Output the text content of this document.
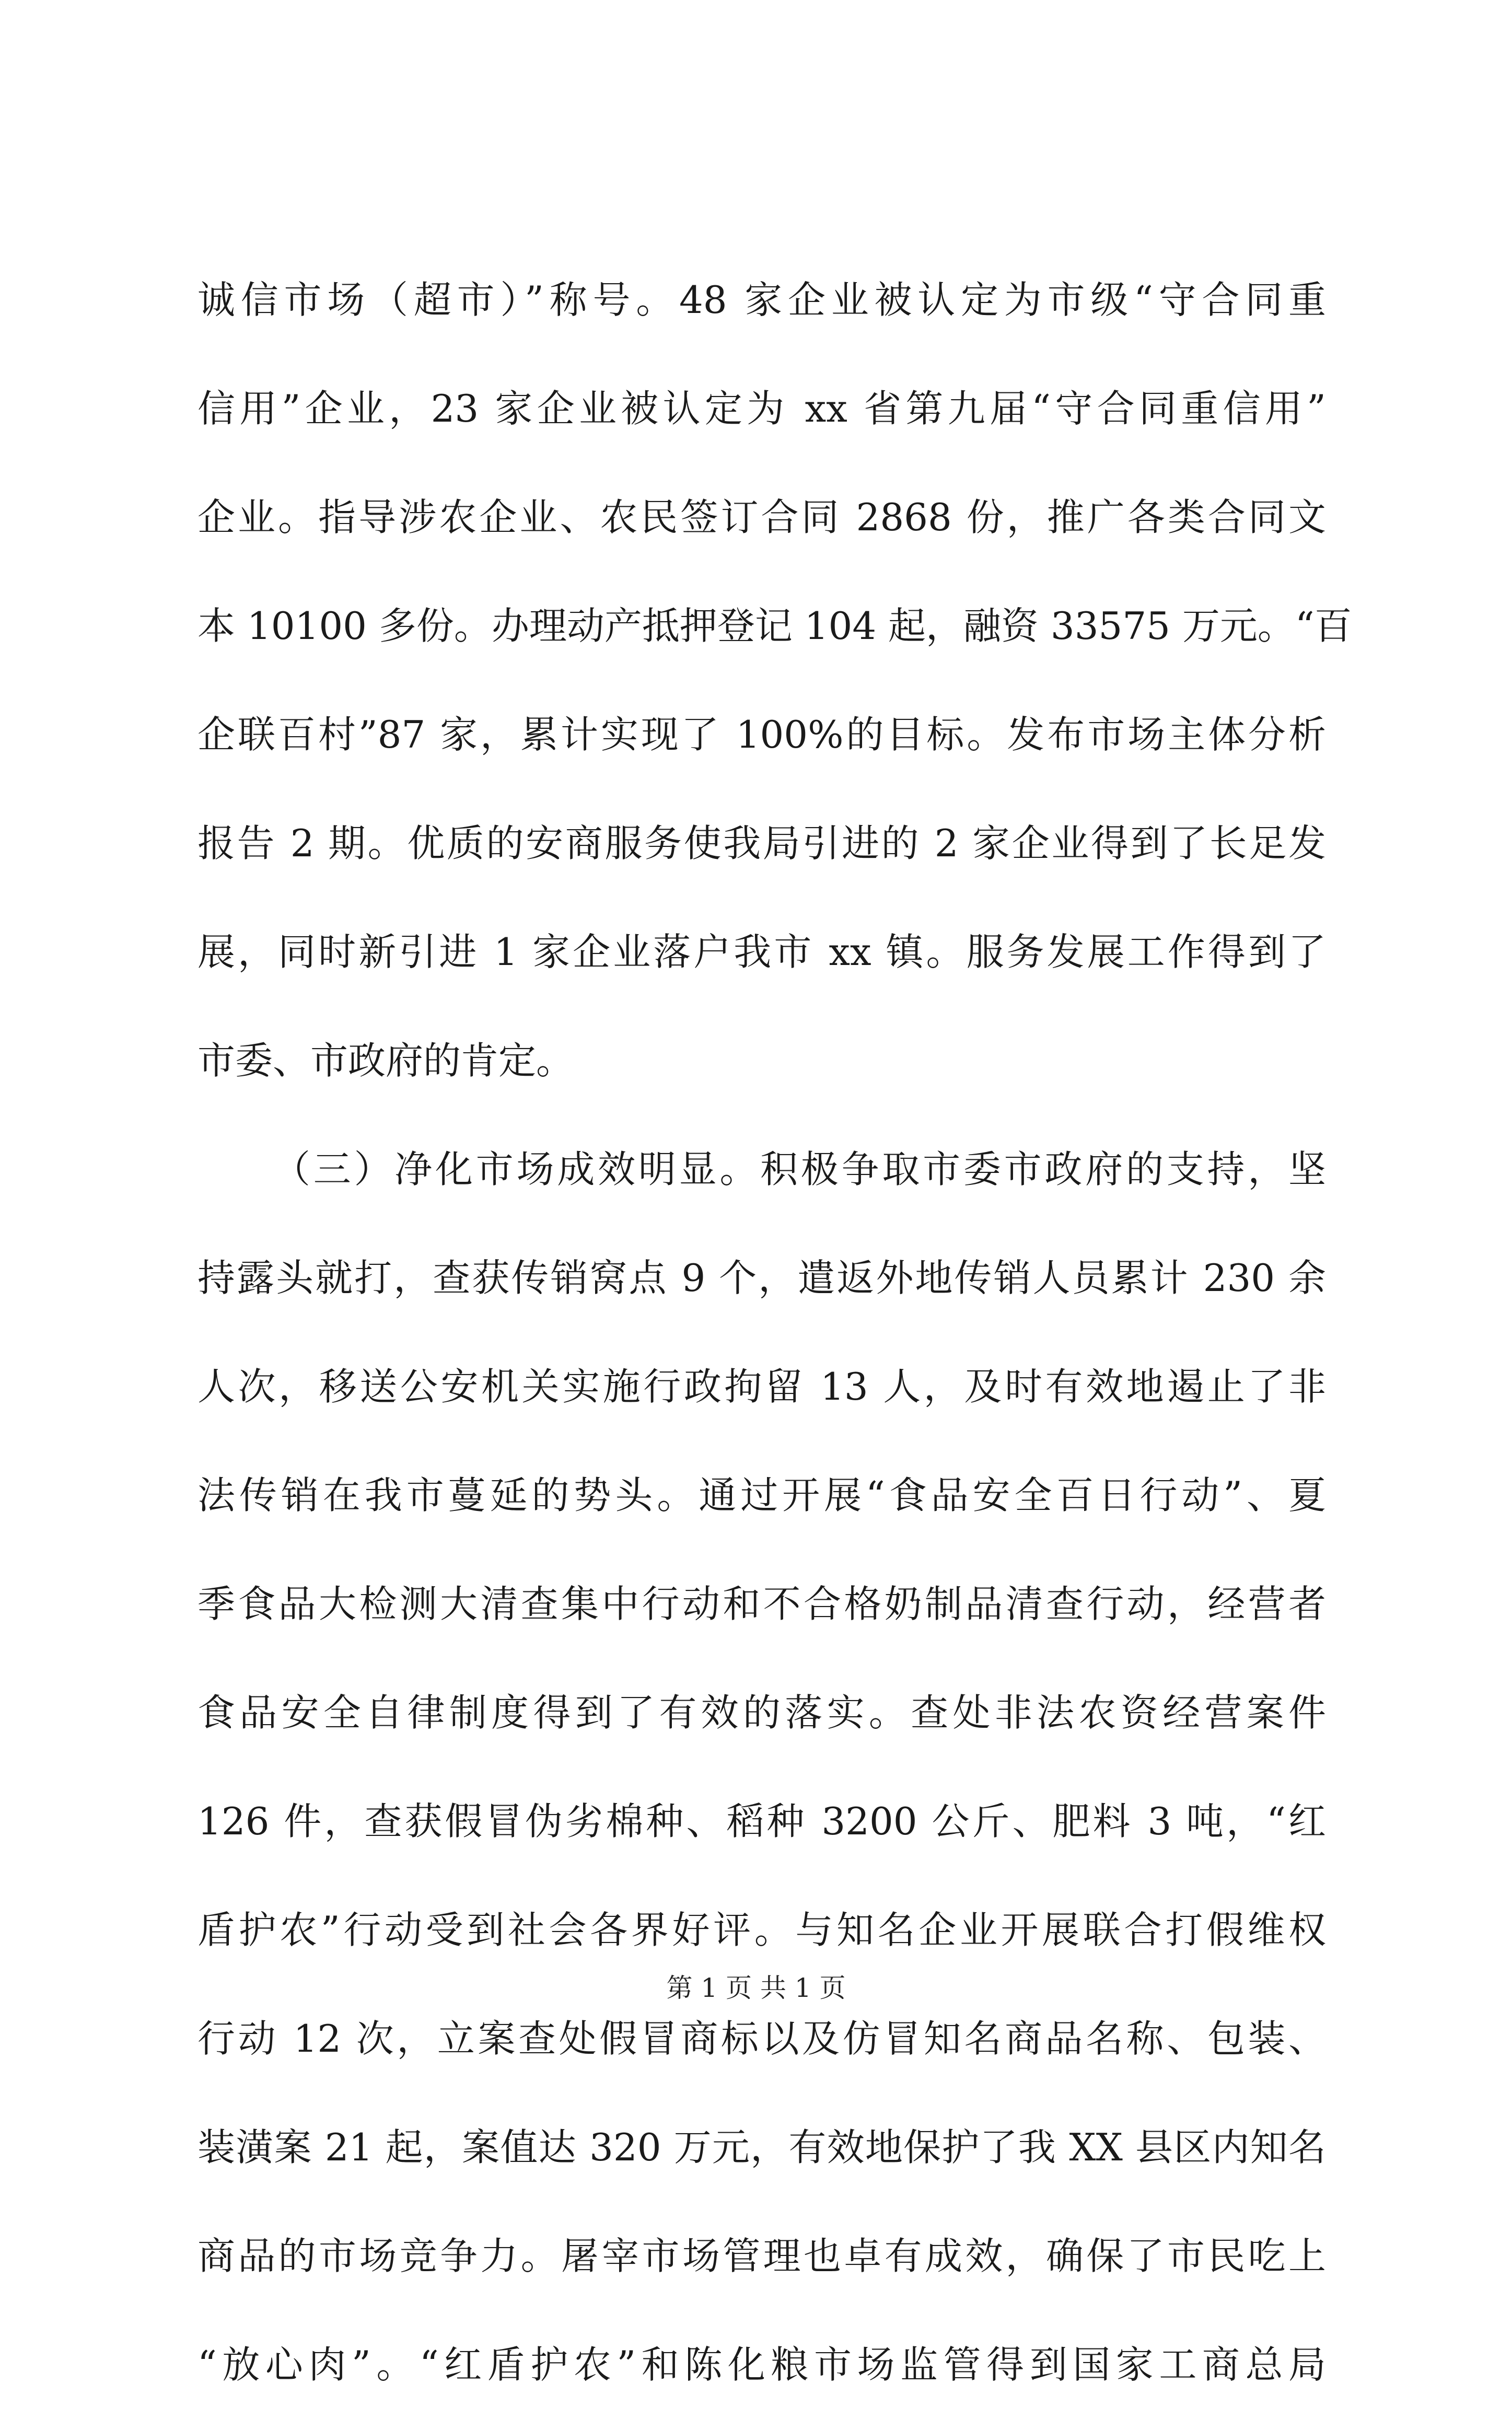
诚信市场（超市）”称号。48 家企业被认定为市级“守合同重
信用”企业，23 家企业被认定为 xx 省第九届“守合同重信用”
企业。指导涉农企业、农民签订合同 2868 份，推广各类合同文
本 10100 多份。办理动产抵押登记 104 起，融资 33575 万元。“百
企联百村”87 家，累计实现了 100%的目标。发布市场主体分析
报告 2 期。优质的安商服务使我局引进的 2 家企业得到了长足发
展，同时新引进 1 家企业落户我市 xx 镇。服务发展工作得到了
市委、市政府的肯定。
（三）净化市场成效明显。积极争取市委市政府的支持，坚
持露头就打，查获传销窝点 9 个，遣返外地传销人员累计 230 余
人次，移送公安机关实施行政拘留 13 人，及时有效地遏止了非
法传销在我市蔓延的势头。通过开展“食品安全百日行动”、夏
季食品大检测大清查集中行动和不合格奶制品清查行动，经营者
食品安全自律制度得到了有效的落实。查处非法农资经营案件
126 件，查获假冒伪劣棉种、稻种 3200 公斤、肥料 3 吨，“红
盾护农”行动受到社会各界好评。与知名企业开展联合打假维权
行动 12 次，立案查处假冒商标以及仿冒知名商品名称、包装、
装潢案 21 起，案值达 320 万元，有效地保护了我 XX 县区内知名
商品的市场竞争力。屠宰市场管理也卓有成效，确保了市民吃上
“放心肉”。“红盾护农”和陈化粮市场监管得到国家工商总局
第 1 页 共 1 页
